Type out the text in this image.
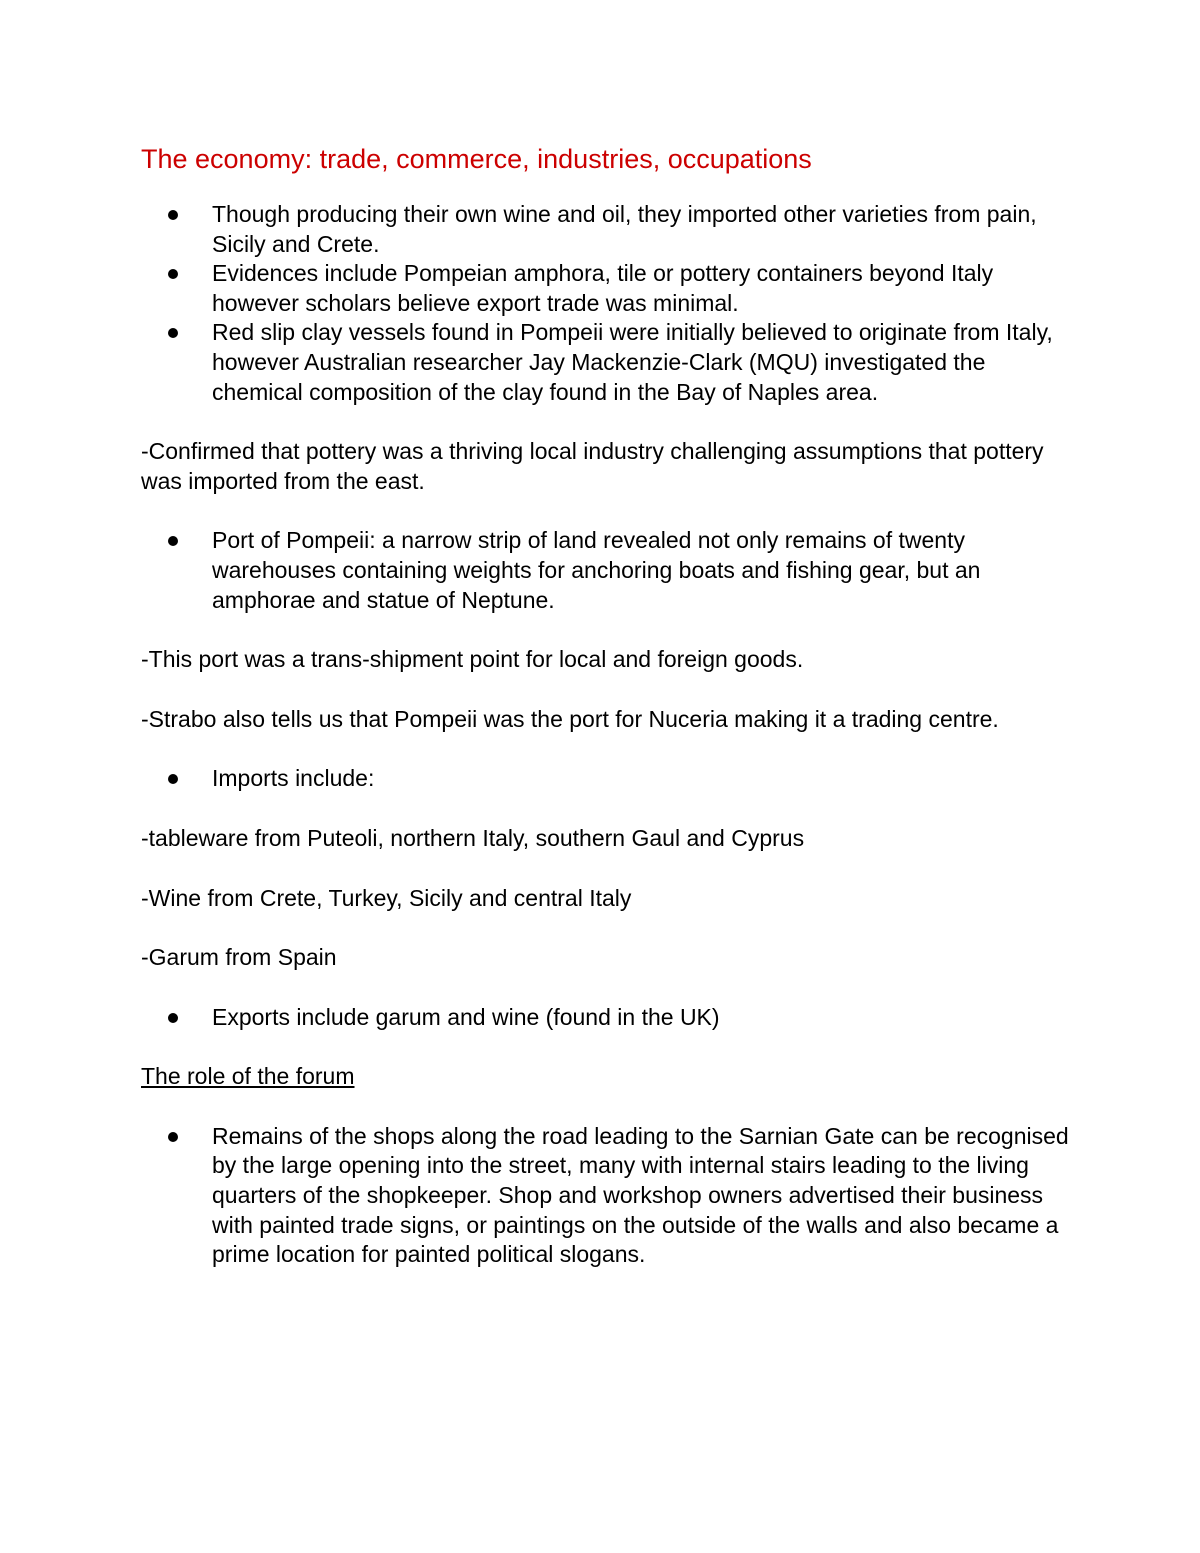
The economy: trade, commerce, industries, occupations
Though producing their own wine and oil, they imported other varieties from pain, Sicily and Crete.
Evidences include Pompeian amphora, tile or pottery containers beyond Italy however scholars believe export trade was minimal.
Red slip clay vessels found in Pompeii were initially believed to originate from Italy, however Australian researcher Jay Mackenzie-Clark (MQU) investigated the chemical composition of the clay found in the Bay of Naples area.

-Confirmed that pottery was a thriving local industry challenging assumptions that pottery was imported from the east.

Port of Pompeii: a narrow strip of land revealed not only remains of twenty warehouses containing weights for anchoring boats and fishing gear, but an amphorae and statue of Neptune.

-This port was a trans-shipment point for local and foreign goods.

-Strabo also tells us that Pompeii was the port for Nuceria making it a trading centre.

Imports include:

-tableware from Puteoli, northern Italy, southern Gaul and Cyprus

-Wine from Crete, Turkey, Sicily and central Italy

-Garum from Spain

Exports include garum and wine (found in the UK)

The role of the forum

Remains of the shops along the road leading to the Sarnian Gate can be recognised by the large opening into the street, many with internal stairs leading to the living quarters of the shopkeeper. Shop and workshop owners advertised their business with painted trade signs, or paintings on the outside of the walls and also became a prime location for painted political slogans.
